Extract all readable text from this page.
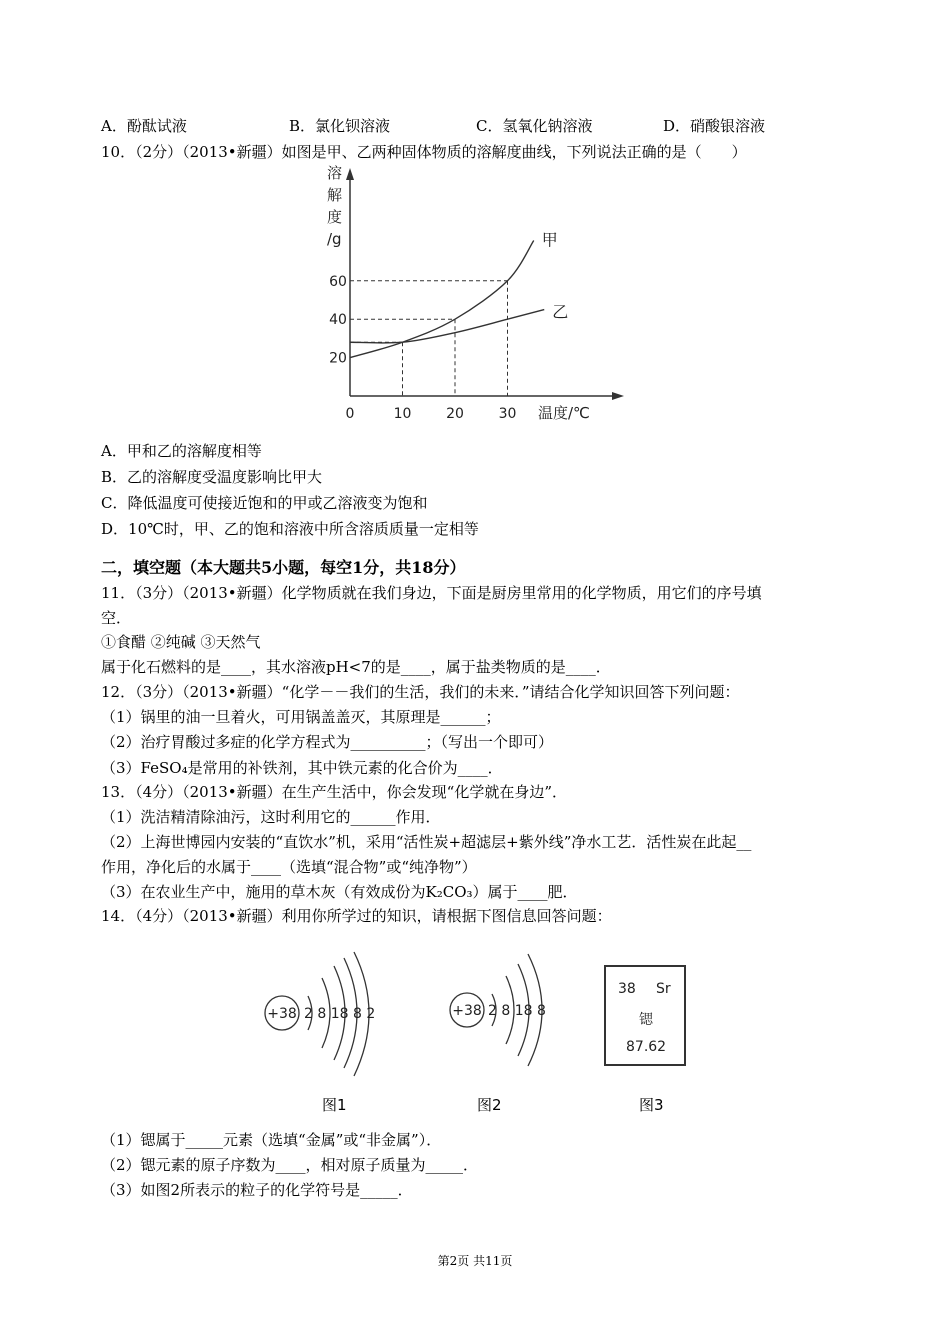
A．酚酞试液	B．氯化钡溶液	C．氢氧化钠溶液	D．硝酸银溶液
10．（2分）（2013•新疆）如图是甲、乙两种固体物质的溶解度曲线，下列说法正确的是（　　）
溶
解
度
/g
温度/℃
0	10 20 30
20
40
60
甲
乙
A．甲和乙的溶解度相等
B．乙的溶解度受温度影响比甲大
C．降低温度可使接近饱和的甲或乙溶液变为饱和
D．10℃时，甲、乙的饱和溶液中所含溶质质量一定相等
二，填空题（本大题共5小题，每空1分，共18分）
11．（3分）（2013•新疆）化学物质就在我们身边，下面是厨房里常用的化学物质，用它们的序号填
空．
①食醋 ②纯碱 ③天然气
属于化石燃料的是____，其水溶液pH<7的是____，属于盐类物质的是____．
12．（3分）（2013•新疆）“化学－－我们的生活，我们的未来．”请结合化学知识回答下列问题：
（1）锅里的油一旦着火，可用锅盖盖灭，其原理是______；
（2）治疗胃酸过多症的化学方程式为__________；（写出一个即可）
（3）FeSO₄是常用的补铁剂，其中铁元素的化合价为____．
13．（4分）（2013•新疆）在生产生活中，你会发现“化学就在身边”．
（1）洗洁精清除油污，这时利用它的______作用．
（2）上海世博园内安装的“直饮水”机，采用“活性炭+超滤层+紫外线”净水工艺．活性炭在此起__
作用，净化后的水属于____（选填“混合物”或“纯净物”）
（3）在农业生产中，施用的草木灰（有效成份为K₂CO₃）属于____肥．
14．（4分）（2013•新疆）利用你所学过的知识，请根据下图信息回答问题：
+38 2 8 18 8 2
图1
+38 2 8 18 8
图2
38 Sr
锶
87.62
图3
（1）锶属于_____元素（选填“金属”或“非金属”）．
（2）锶元素的原子序数为____，相对原子质量为_____．
（3）如图2所表示的粒子的化学符号是_____．
第2页 共11页
